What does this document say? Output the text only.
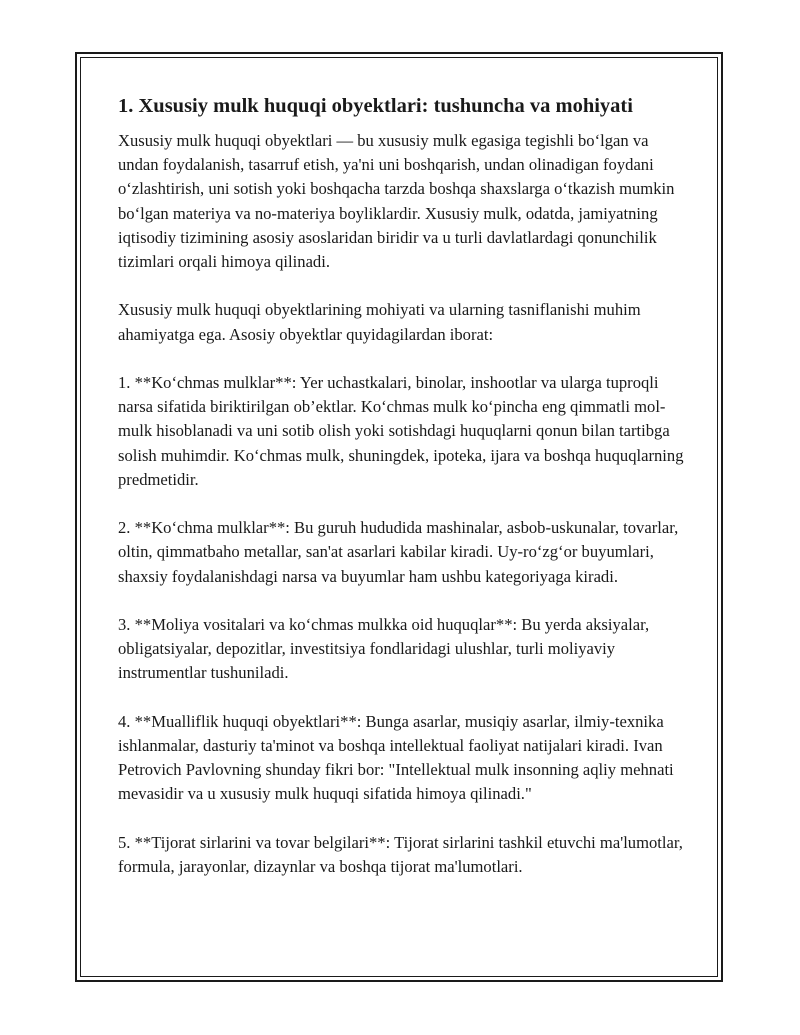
1. Xususiy mulk huquqi obyektlari: tushuncha va mohiyati

Xususiy mulk huquqi obyektlari — bu xususiy mulk egasiga tegishli bo‘lgan va undan foydalanish, tasarruf etish, ya'ni uni boshqarish, undan olinadigan foydani o‘zlashtirish, uni sotish yoki boshqacha tarzda boshqa shaxslarga o‘tkazish mumkin bo‘lgan materiya va no-materiya boyliklardir. Xususiy mulk, odatda, jamiyatning iqtisodiy tizimining asosiy asoslaridan biridir va u turli davlatlardagi qonunchilik tizimlari orqali himoya qilinadi.

Xususiy mulk huquqi obyektlarining mohiyati va ularning tasniflanishi muhim ahamiyatga ega. Asosiy obyektlar quyidagilardan iborat:

1. **Ko‘chmas mulklar**: Yer uchastkalari, binolar, inshootlar va ularga tuproqli narsa sifatida biriktirilgan ob’ektlar. Ko‘chmas mulk ko‘pincha eng qimmatli mol-mulk hisoblanadi va uni sotib olish yoki sotishdagi huquqlarni qonun bilan tartibga solish muhimdir. Ko‘chmas mulk, shuningdek, ipoteka, ijara va boshqa huquqlarning predmetidir.

2. **Ko‘chma mulklar**: Bu guruh hududida mashinalar, asbob-uskunalar, tovarlar, oltin, qimmatbaho metallar, san'at asarlari kabilar kiradi. Uy-ro‘zg‘or buyumlari, shaxsiy foydalanishdagi narsa va buyumlar ham ushbu kategoriyaga kiradi.

3. **Moliya vositalari va ko‘chmas mulkka oid huquqlar**: Bu yerda aksiyalar, obligatsiyalar, depozitlar, investitsiya fondlaridagi ulushlar, turli moliyaviy instrumentlar tushuniladi.

4. **Mualliflik huquqi obyektlari**: Bunga asarlar, musiqiy asarlar, ilmiy-texnika ishlanmalar, dasturiy ta'minot va boshqa intellektual faoliyat natijalari kiradi. Ivan Petrovich Pavlovning shunday fikri bor: "Intellektual mulk insonning aqliy mehnati mevasidir va u xususiy mulk huquqi sifatida himoya qilinadi."

5. **Tijorat sirlarini va tovar belgilari**: Tijorat sirlarini tashkil etuvchi ma'lumotlar, formula, jarayonlar, dizaynlar va boshqa tijorat ma'lumotlari.
